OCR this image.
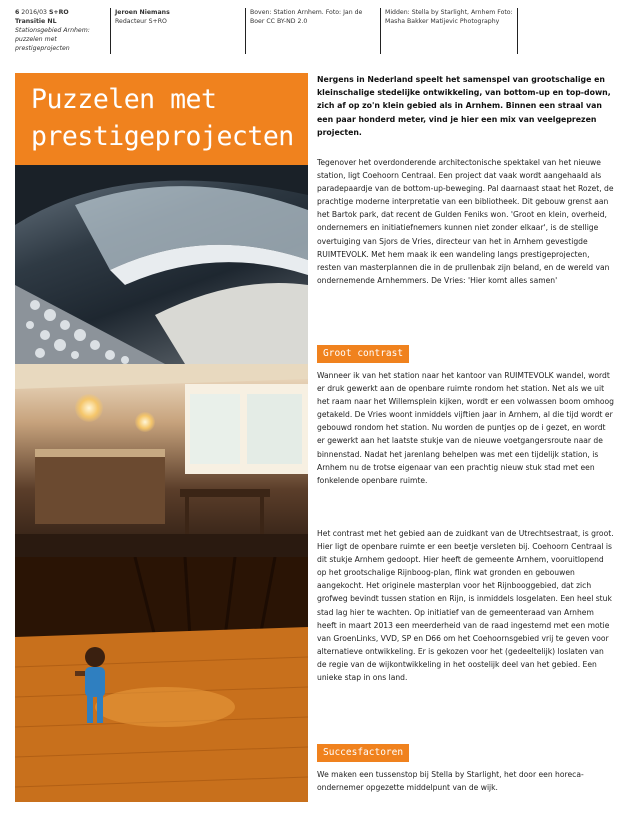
6 2016/03 S+RO
Transitie NL
Stationsgebied Arnhem: puzzelen met prestigeprojecten
Jeroen Niemans
Redacteur S+RO
Boven: Station Arnhem. Foto: Jan de Boer CC BY-ND 2.0
Midden: Stella by Starlight, Arnhem Foto: Masha Bakker Matijevic Photography
Puzzelen met prestigeprojecten
Nergens in Nederland speelt het samenspel van grootschalige en kleinschalige stedelijke ontwikkeling, van bottom-up en top-down, zich af op zo'n klein gebied als in Arnhem. Binnen een straal van een paar honderd meter, vind je hier een mix van veelgeprezen projecten.

Tegenover het overdonderende architectonische spektakel van het nieuwe station, ligt Coehoorn Centraal. Een project dat vaak wordt aangehaald als paradepaardje van de bottom-up-beweging. Pal daarnaast staat het Rozet, de prachtige moderne interpretatie van een bibliotheek. Dit gebouw grenst aan het Bartok park, dat recent de Gulden Feniks won. 'Groot en klein, overheid, ondernemers en initiatiefnemers kunnen niet zonder elkaar', is de stellige overtuiging van Sjors de Vries, directeur van het in Arnhem gevestigde RUIMTEVOLK. Met hem maak ik een wandeling langs prestigeprojecten, resten van masterplannen die in de prullenbak zijn beland, en de wereld van ondernemende Arnhemmers. De Vries: 'Hier komt alles samen'

Groot contrast

Wanneer ik van het station naar het kantoor van RUIMTEVOLK wandel, wordt er druk gewerkt aan de openbare ruimte rondom het station. Net als we uit het raam naar het Willemsplein kijken, wordt er een volwassen boom omhoog getakeld. De Vries woont inmiddels vijftien jaar in Arnhem, al die tijd wordt er gebouwd rondom het station. Nu worden de puntjes op de i gezet, en wordt er gewerkt aan het laatste stukje van de nieuwe voetgangersroute naar de binnenstad. Nadat het jarenlang behelpen was met een tijdelijk station, is Arnhem nu de trotse eigenaar van een prachtig nieuw stuk stad met een fonkelende openbare ruimte.

Het contrast met het gebied aan de zuidkant van de Utrechtsestraat, is groot. Hier ligt de openbare ruimte er een beetje versleten bij. Coehoorn Centraal is dit stukje Arnhem gedoopt. Hier heeft de gemeente Arnhem, vooruitlopend op het grootschalige Rijnboog-plan, flink wat gronden en gebouwen aangekocht. Het originele masterplan voor het Rijnbooggebied, dat zich grofweg bevindt tussen station en Rijn, is inmiddels losgelaten. Een heel stuk stad lag hier te wachten. Op initiatief van de gemeenteraad van Arnhem heeft in maart 2013 een meerderheid van de raad ingestemd met een motie van GroenLinks, VVD, SP en D66 om het Coehoornsgebied vrij te geven voor alternatieve ontwikkeling. Er is gekozen voor het (gedeeltelijk) loslaten van de regie van de wijkontwikkeling in het oostelijk deel van het gebied. Een unieke stap in ons land.

Succesfactoren

We maken een tussenstop bij Stella by Starlight, het door een horeca-ondernemer opgezette middelpunt van de wijk.
